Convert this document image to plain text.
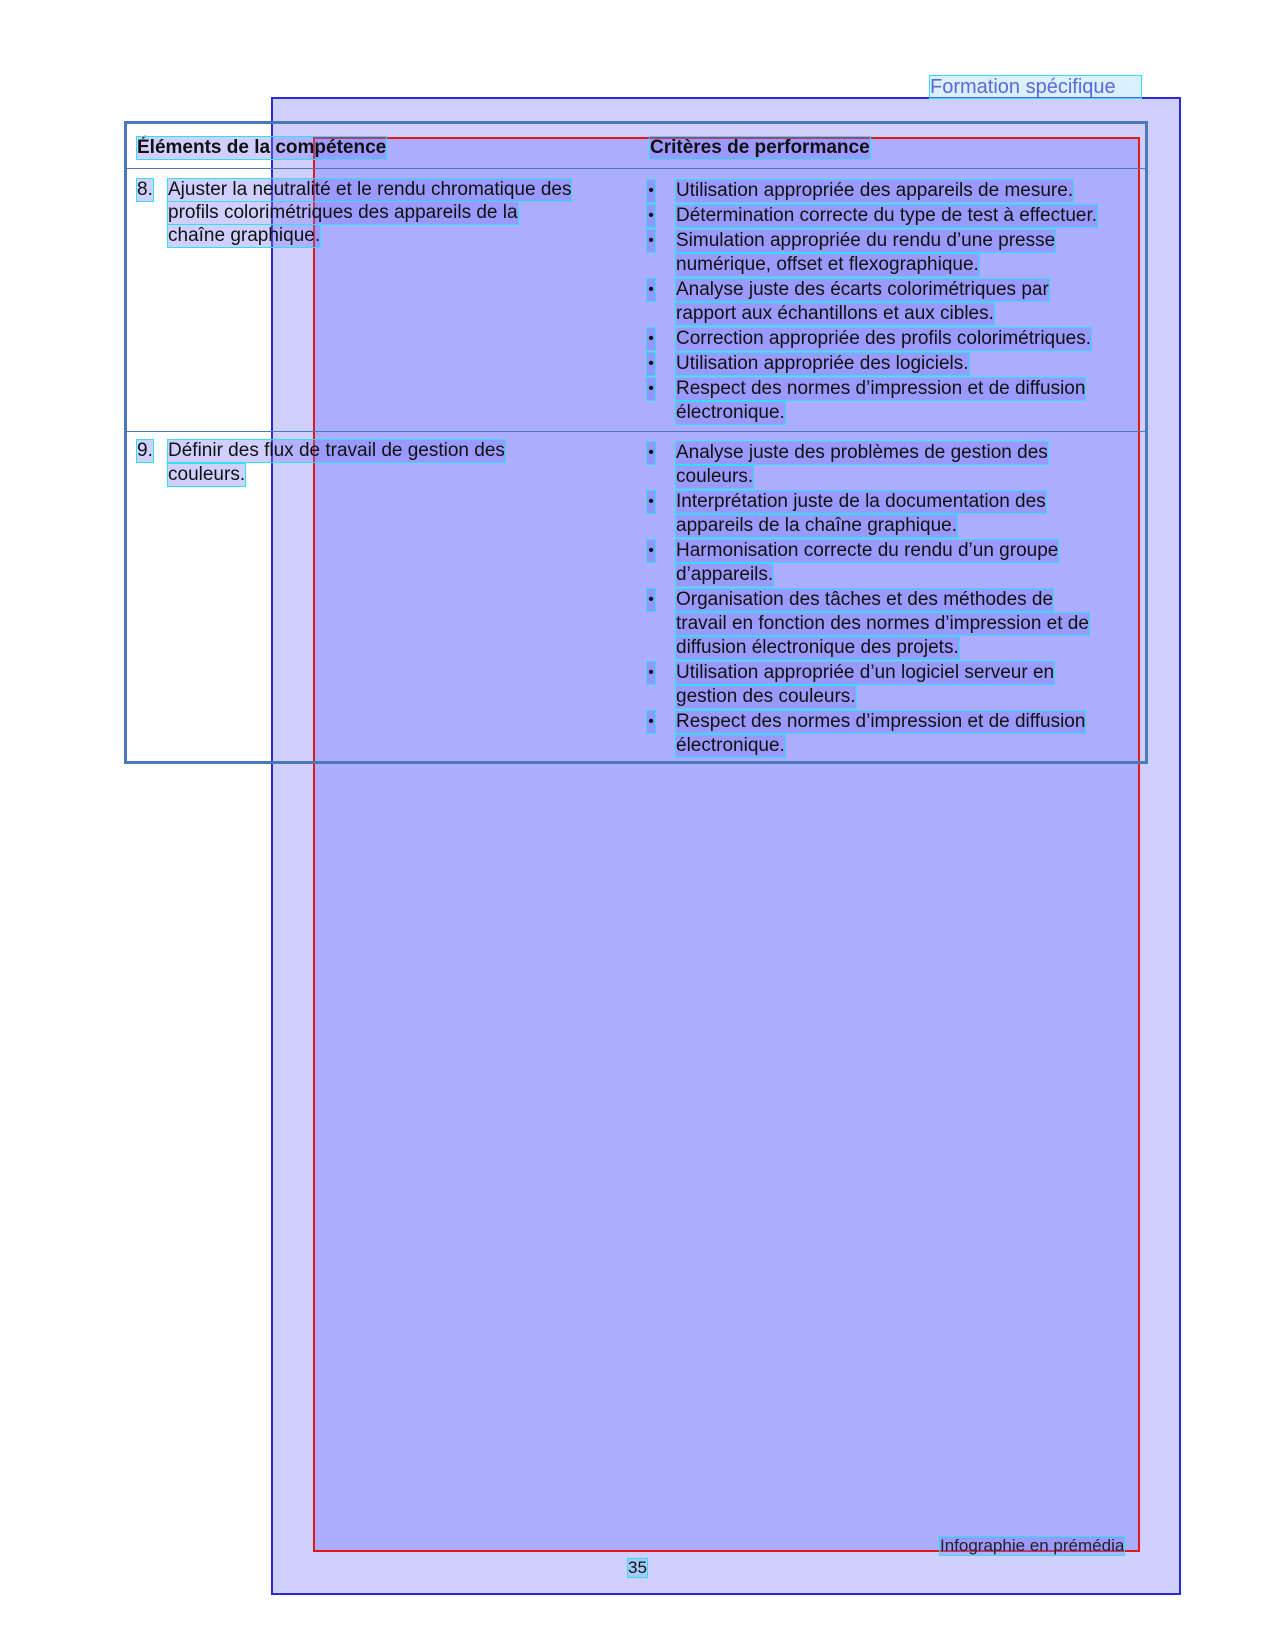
Formation spécifique
Éléments de la compétence	Critères de performance
8. Ajuster la neutralité et le rendu chromatique des
profils colorimétriques des appareils de la
chaîne graphique.
• Utilisation appropriée des appareils de mesure.
• Détermination correcte du type de test à effectuer.
• Simulation appropriée du rendu d’une presse
numérique, offset et flexographique.
• Analyse juste des écarts colorimétriques par
rapport aux échantillons et aux cibles.
• Correction appropriée des profils colorimétriques.
• Utilisation appropriée des logiciels.
• Respect des normes d’impression et de diffusion
électronique.
9. Définir des flux de travail de gestion des
couleurs.
• Analyse juste des problèmes de gestion des
couleurs.
• Interprétation juste de la documentation des
appareils de la chaîne graphique.
• Harmonisation correcte du rendu d’un groupe
d’appareils.
• Organisation des tâches et des méthodes de
travail en fonction des normes d’impression et de
diffusion électronique des projets.
• Utilisation appropriée d’un logiciel serveur en
gestion des couleurs.
• Respect des normes d’impression et de diffusion
électronique.
Infographie en prémédia
35
